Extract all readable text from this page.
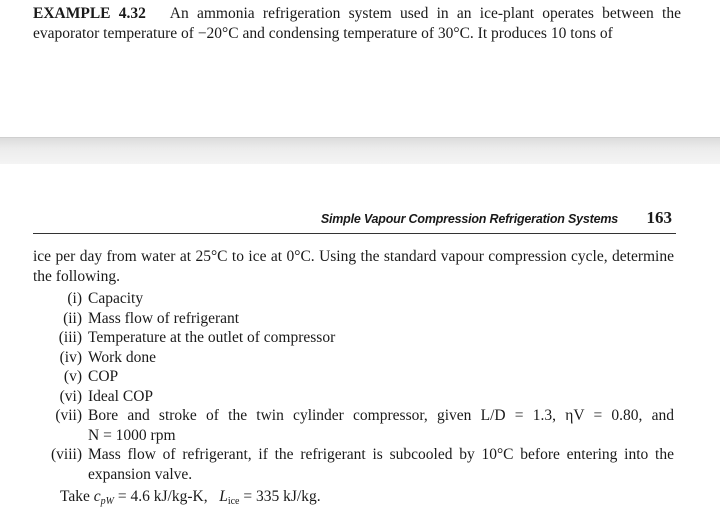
EXAMPLE 4.32 An ammonia refrigeration system used in an ice-plant operates between the
evaporator temperature of −20°C and condensing temperature of 30°C. It produces 10 tons of

Simple Vapour Compression Refrigeration Systems 163

ice per day from water at 25°C to ice at 0°C. Using the standard vapour compression cycle, determine the following.

(i) Capacity
(ii) Mass flow of refrigerant
(iii) Temperature at the outlet of compressor
(iv) Work done
(v) COP
(vi) Ideal COP
(vii) Bore and stroke of the twin cylinder compressor, given L/D = 1.3, ηV = 0.80, and
N = 1000 rpm
(viii) Mass flow of refrigerant, if the refrigerant is subcooled by 10°C before entering into the
expansion valve.

Take $c_{pW} = 4.6$ kJ/kg-K, $L_{ice} = 335$ kJ/kg.
